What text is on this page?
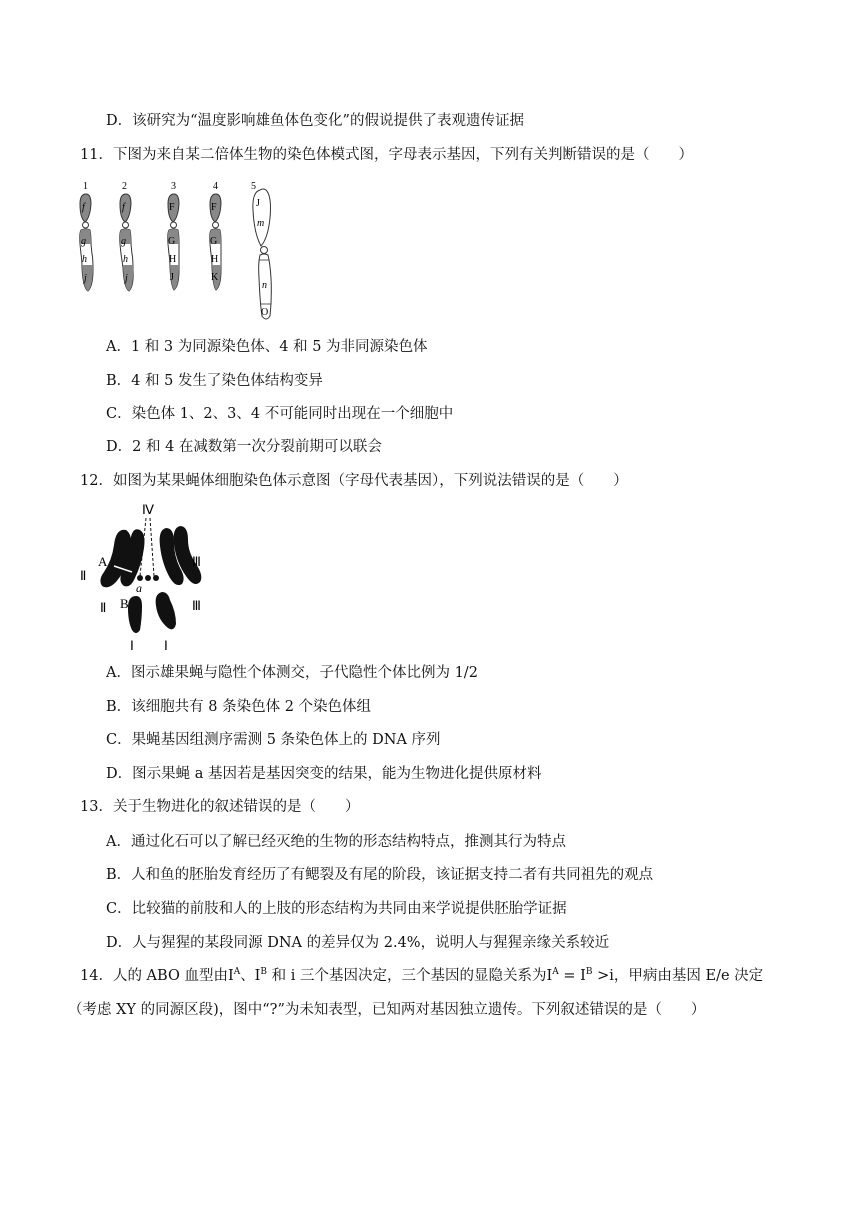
D．该研究为“温度影响雄鱼体色变化”的假说提供了表观遗传证据
11．下图为来自某二倍体生物的染色体模式图，字母表示基因，下列有关判断错误的是（　　）
1
f
g
h
j
2
f
g
h
j
3
F
G
H
J
4
F
G
H
K
5
J
m
n
O
A．1 和 3 为同源染色体、4 和 5 为非同源染色体
B．4 和 5 发生了染色体结构变异
C．染色体 1、2、3、4 不可能同时出现在一个细胞中
D．2 和 4 在减数第一次分裂前期可以联会
12．如图为某果蝇体细胞染色体示意图（字母代表基因），下列说法错误的是（　　）
Ⅳ
A
a
B
Ⅱ
Ⅱ
Ⅲ
Ⅲ
Ⅰ Ⅰ
A．图示雄果蝇与隐性个体测交，子代隐性个体比例为 1/2
B．该细胞共有 8 条染色体 2 个染色体组
C．果蝇基因组测序需测 5 条染色体上的 DNA 序列
D．图示果蝇 a 基因若是基因突变的结果，能为生物进化提供原材料
13．关于生物进化的叙述错误的是（　　）
A．通过化石可以了解已经灭绝的生物的形态结构特点，推测其行为特点
B．人和鱼的胚胎发育经历了有鳃裂及有尾的阶段，该证据支持二者有共同祖先的观点
C．比较猫的前肢和人的上肢的形态结构为共同由来学说提供胚胎学证据
D．人与猩猩的某段同源 DNA 的差异仅为 2.4%，说明人与猩猩亲缘关系较近
14．人的 ABO 血型由Ⅰ$^A$、$I^B$ 和 i 三个基因决定，三个基因的显隐关系为Ⅰ$^A$ = $I^B >i$，甲病由基因 E/e 决定
（考虑 XY 的同源区段)，图中“?”为未知表型，已知两对基因独立遗传。下列叙述错误的是（　　）
